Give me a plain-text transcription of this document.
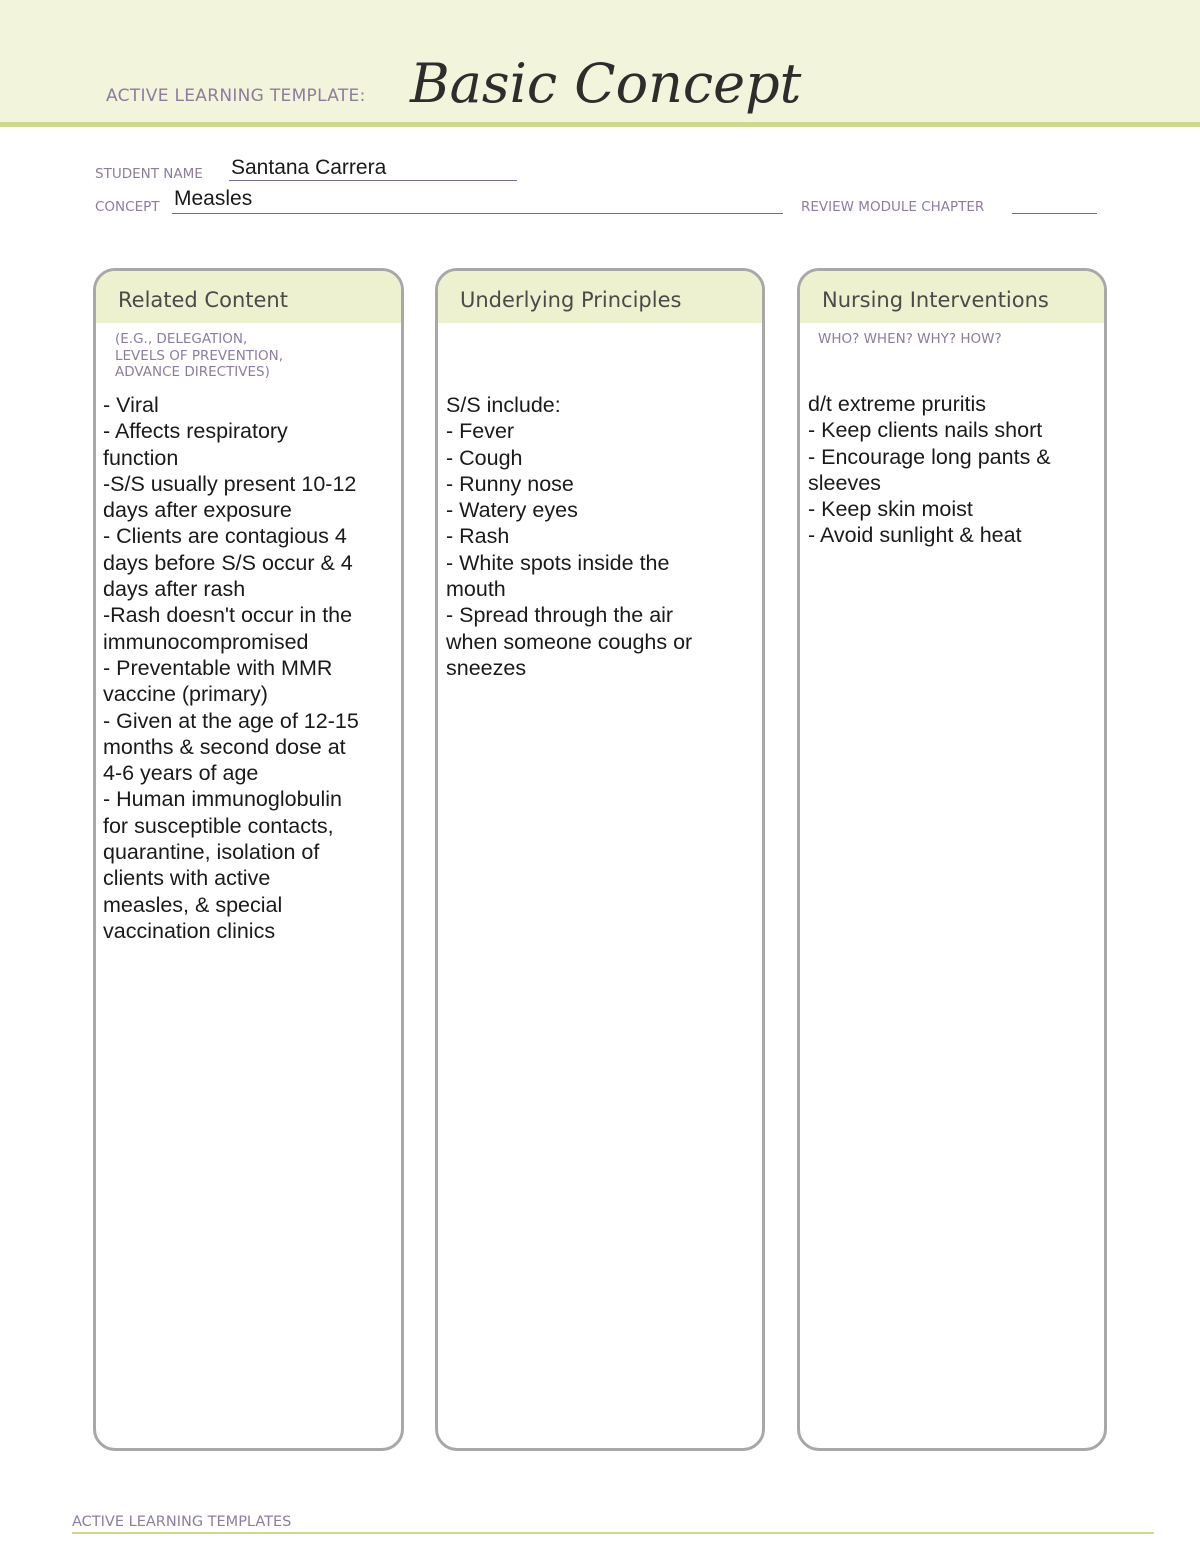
ACTIVE LEARNING TEMPLATE: Basic Concept
STUDENT NAME Santana Carrera
CONCEPT Measles	REVIEW MODULE CHAPTER
Related Content
(E.G., DELEGATION,
LEVELS OF PREVENTION,
ADVANCE DIRECTIVES)
- Viral
- Affects respiratory
function
-S/S usually present 10-12
days after exposure
- Clients are contagious 4
days before S/S occur & 4
days after rash
-Rash doesn't occur in the
immunocompromised
- Preventable with MMR
vaccine (primary)
- Given at the age of 12-15
months & second dose at
4-6 years of age
- Human immunoglobulin
for susceptible contacts,
quarantine, isolation of
clients with active
measles, & special
vaccination clinics
Underlying Principles
S/S include:
- Fever
- Cough
- Runny nose
- Watery eyes
- Rash
- White spots inside the
mouth
- Spread through the air
when someone coughs or
sneezes
Nursing Interventions
WHO? WHEN? WHY? HOW?
d/t extreme pruritis
- Keep clients nails short
- Encourage long pants &
sleeves
- Keep skin moist
- Avoid sunlight & heat
ACTIVE LEARNING TEMPLATES
